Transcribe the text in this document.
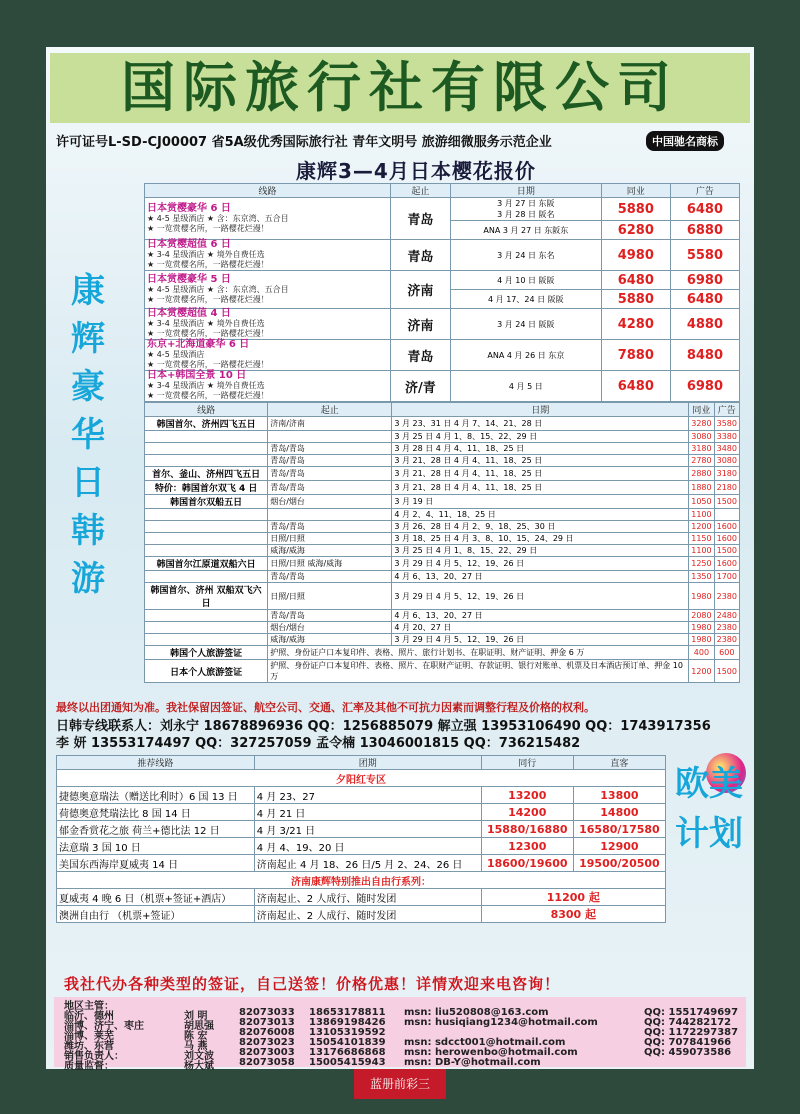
国际旅行社有限公司
许可证号L-SD-CJ00007 省5A级优秀国际旅行社 青年文明号 旅游细微服务示范企业	中国驰名商标
康辉3—4月日本樱花报价
康
辉
豪
华
日
韩
游
线路	起止	日期	同业	广告
日本赏樱豪华 6 日
★ 4-5 星级酒店 ★ 含：东京湾、五合目
★ 一览赏樱名所，一路樱花烂漫！	青岛	3 月 27 日 东阪
3 月 28 日 阪名	5880	6480
		ANA 3 月 27 日 东阪东	6280	6880
日本赏樱超值 6 日
★ 3-4 星级酒店 ★ 境外自费任选
★ 一览赏樱名所，一路樱花烂漫！	青岛	3 月 24 日 东名	4980	5580
日本赏樱豪华 5 日
★ 4-5 星级酒店 ★ 含：东京湾、五合目
★ 一览赏樱名所，一路樱花烂漫！	济南	4 月 10 日 阪阪	6480	6980
		4 月 17、24 日 阪阪	5880	6480
日本赏樱超值 4 日
★ 3-4 星级酒店 ★ 境外自费任选
★ 一览赏樱名所，一路樱花烂漫！	济南	3 月 24 日 阪阪	4280	4880
东京+北海道豪华 6 日
★ 4-5 星级酒店
★ 一览赏樱名所，一路樱花烂漫！	青岛	ANA 4 月 26 日 东京	7880	8480
日本+韩国全景 10 日
★ 3-4 星级酒店 ★ 境外自费任选
★ 一览赏樱名所，一路樱花烂漫！	济/青	4 月 5 日	6480	6980
线路	起止	日期	同业	广告
韩国首尔、济州四飞五日	济南/济南	3 月 23、31 日 4 月 7、14、21、28 日	3280	3580
		3 月 25 日 4 月 1、8、15、22、29 日	3080	3380
	青岛/青岛	3 月 28 日 4 月 4、11、18、25 日	3180	3480
	青岛/青岛	3 月 21、28 日 4 月 4、11、18、25 日	2780	3080
首尔、釜山、济州四飞五日	青岛/青岛	3 月 21、28 日 4 月 4、11、18、25 日	2880	3180
特价：韩国首尔双飞 4 日	青岛/青岛	3 月 21、28 日 4 月 4、11、18、25 日	1880	2180
韩国首尔双船五日	烟台/烟台	3 月 19 日	1050	1500
		4 月 2、4、11、18、25 日	1100	
	青岛/青岛	3 月 26、28 日 4 月 2、9、18、25、30 日	1200	1600
	日照/日照	3 月 18、25 日 4 月 3、8、10、15、24、29 日	1150	1600
	威海/威海	3 月 25 日 4 月 1、8、15、22、29 日	1100	1500
韩国首尔江原道双船六日	日照/日照 威海/威海	3 月 29 日 4 月 5、12、19、26 日	1250	1600
	青岛/青岛	4 月 6、13、20、27 日	1350	1700
韩国首尔、济州 双船双飞六日	日照/日照	3 月 29 日 4 月 5、12、19、26 日	1980	2380
	青岛/青岛	4 月 6、13、20、27 日	2080	2480
	烟台/烟台	4 月 20、27 日	1980	2380
	威海/威海	3 月 29 日 4 月 5、12、19、26 日	1980	2380
韩国个人旅游签证	护照、身份证户口本复印件、表格、照片、旅行计划书、在职证明、财产证明、押金 6 万		400	600
日本个人旅游签证	护照、身份证户口本复印件、表格、照片、在职财产证明、存款证明、银行对账单、机票及日本酒店预订单、押金 10 万		1200	1500
最终以出团通知为准。我社保留因签证、航空公司、交通、汇率及其他不可抗力因素而调整行程及价格的权利。
日韩专线联系人：刘永宁 18678896936 QQ：1256885079 解立强 13953106490 QQ：1743917356
李 妍 13553174497 QQ：327257059 孟令楠 13046001815 QQ：736215482
推荐线路	团期	同行	直客
夕阳红专区			
捷德奥意瑞法（赠送比利时）6 国 13 日	4 月 23、27	13200	13800
荷德奥意梵瑞法比 8 国 14 日	4 月 21 日	14200	14800
郁金香赏花之旅 荷兰+德比法 12 日	4 月 3/21 日	15880/16880	16580/17580
法意瑞 3 国 10 日	4 月 4、19、20 日	12300	12900
美国东西海岸夏威夷 14 日	济南起止 4 月 18、26 日/5 月 2、24、26 日	18600/19600	19500/20500
济南康辉特别推出自由行系列：			
夏威夷 4 晚 6 日（机票+签证+酒店）	济南起止、2 人成行、随时发团	11200 起	
澳洲自由行 （机票+签证）	济南起止、2 人成行、随时发团	8300 起	
欧美计划
我社代办各种类型的签证，自己送签！价格优惠！详情欢迎来电咨询！
地区主管：
临沂、德州	刘 明	82073033 18653178811 msn: liu520808@163.com	QQ: 1551749697
淄博、济宁、枣庄	胡思强	82073013 13869198426 msn: husiqiang1234@hotmail.com	QQ: 744282172
淄博、莱芜	陈 宏	82076008 13105319592	QQ: 1172297387
潍坊、东营	马 燕	82073023 15054101839 msn: sdcct001@hotmail.com	QQ: 707841966
销售负责人：	刘文波	82073003 13176686868 msn: herowenbo@hotmail.com	QQ: 459073586
质量监督：	杨大斌	82073058 15005415943 msn: DB-Y@hotmail.com
蓝册前彩三
